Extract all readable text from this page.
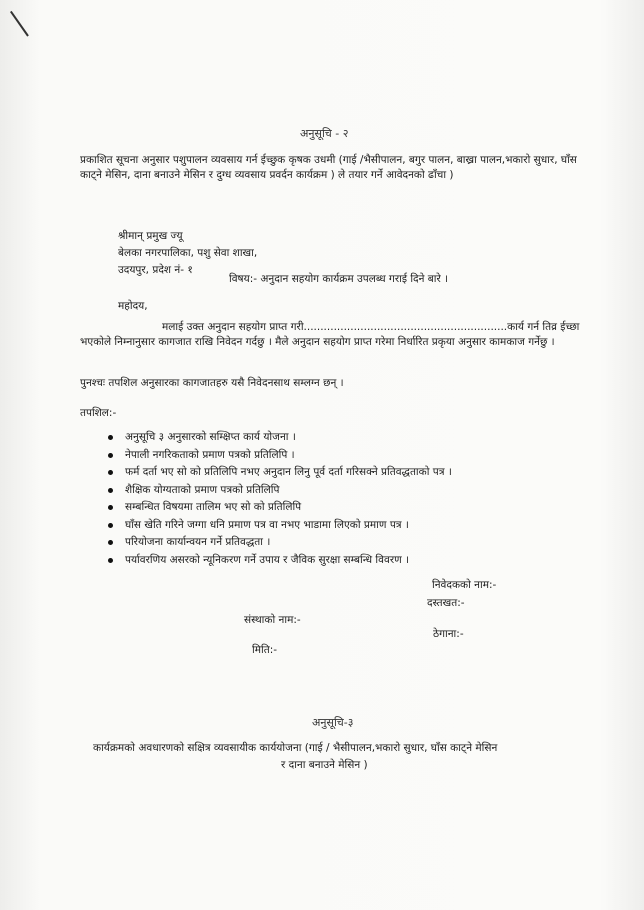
अनुसूचि - २
प्रकाशित सूचना अनुसार पशुपालन व्यवसाय गर्न ईच्छुक कृषक उधमी (गाई /भैसीपालन, बगुर पालन, बाख्रा पालन,भकारो सुधार, घाँस काट्ने मेसिन, दाना बनाउने मेसिन र दुग्ध व्यवसाय प्रवर्दन कार्यक्रम ) ले तयार गर्ने आवेदनको ढाँचा )
श्रीमान् प्रमुख ज्यू
बेलका नगरपालिका, पशु सेवा शाखा,
उदयपुर, प्रदेश नं- १
विषय:- अनुदान सहयोग कार्यक्रम उपलब्ध गराई दिने बारे ।
महोदय,
मलाई उक्त अनुदान सहयोग प्राप्त गरी.............................................................कार्य गर्न तिव्र ईच्छा
भएकोले निम्नानुसार कागजात राखि निवेदन गर्दछु । मैले अनुदान सहयोग प्राप्त गरेमा निर्धारित प्रकृया अनुसार कामकाज गर्नेछु ।
पुनश्चः तपशिल अनुसारका कागजातहरु यसै निवेदनसाथ सम्लग्न छन् ।
तपशिल:-
अनुसूचि ३ अनुसारको सम्क्षिप्त कार्य योजना ।
नेपाली नगरिकताको प्रमाण पत्रको प्रतिलिपि ।
फर्म दर्ता भए सो को प्रतिलिपि नभए अनुदान लिनु पूर्व दर्ता गरिसक्ने प्रतिवद्धताको पत्र ।
शैक्षिक योग्यताको प्रमाण पत्रको प्रतिलिपि
सम्बन्धित विषयमा तालिम भए सो को प्रतिलिपि
घाँस खेति गरिने जग्गा धनि प्रमाण पत्र वा नभए भाडामा लिएको प्रमाण पत्र ।
परियोजना कार्यान्वयन गर्ने प्रतिवद्धता ।
पर्यावरणिय असरको न्यूनिकरण गर्ने उपाय र जैविक सुरक्षा सम्बन्धि विवरण ।
निवेदकको नाम:-
दस्तखत:-
संस्थाको नाम:-
ठेगाना:-
मिति:-
अनुसूचि-३
कार्यक्रमको अवधारणको सक्षित्र व्यवसायीक कार्ययोजना (गाई / भैसीपालन,भकारो सुधार, घाँस काट्ने मेसिन
र दाना बनाउने मेसिन )
